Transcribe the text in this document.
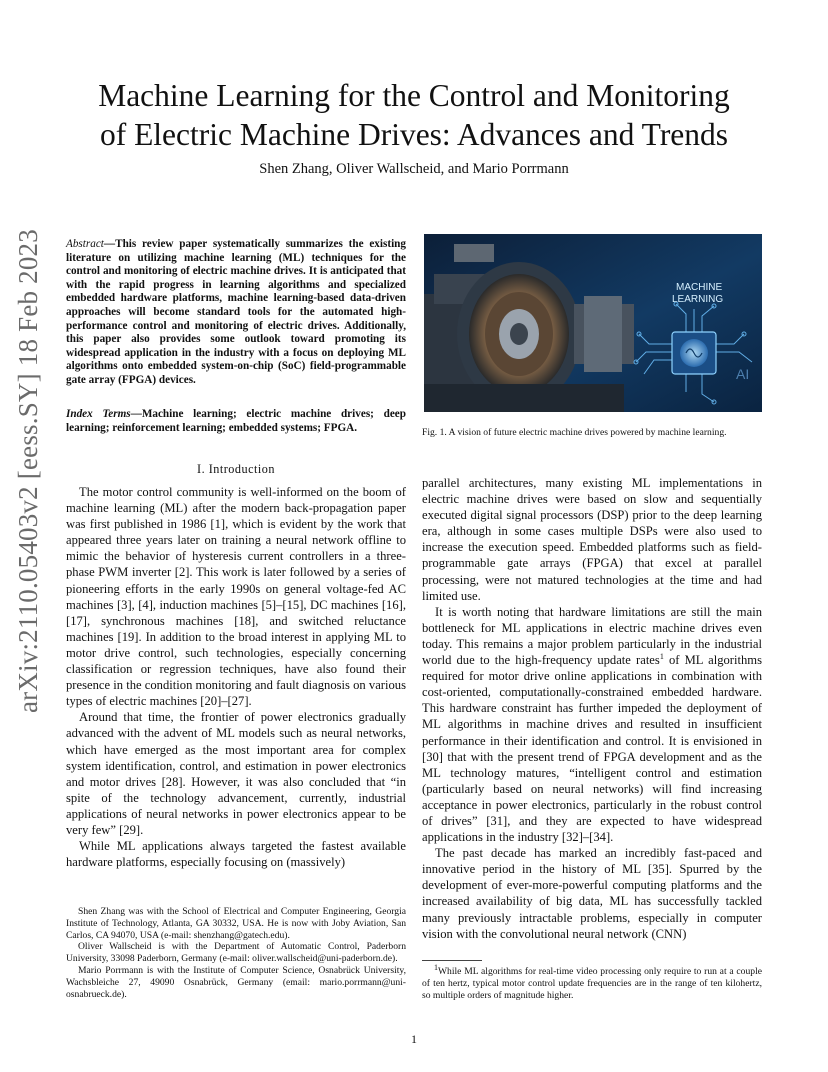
arXiv:2110.05403v2 [eess.SY] 18 Feb 2023
Machine Learning for the Control and Monitoring
of Electric Machine Drives: Advances and Trends
Shen Zhang, Oliver Wallscheid, and Mario Porrmann
Abstract—This review paper systematically summarizes the existing literature on utilizing machine learning (ML) techniques for the control and monitoring of electric machine drives. It is anticipated that with the rapid progress in learning algorithms and specialized embedded hardware platforms, machine learning-based data-driven approaches will become standard tools for the automated high-performance control and monitoring of electric drives. Additionally, this paper also provides some outlook toward promoting its widespread application in the industry with a focus on deploying ML algorithms onto embedded system-on-chip (SoC) field-programmable gate array (FPGA) devices.
Index Terms—Machine learning; electric machine drives; deep learning; reinforcement learning; embedded systems; FPGA.
MACHINE
LEARNING
AI
Fig. 1. A vision of future electric machine drives powered by machine learning.
I. Introduction

The motor control community is well-informed on the boom of machine learning (ML) after the modern back-propagation paper was first published in 1986 [1], which is evident by the work that appeared three years later on training a neural network offline to mimic the behavior of hysteresis current controllers in a three-phase PWM inverter [2]. This work is later followed by a series of pioneering efforts in the early 1990s on general voltage-fed AC machines [3], [4], induction machines [5]–[15], DC machines [16], [17], synchronous machines [18], and switched reluctance machines [19]. In addition to the broad interest in applying ML to motor drive control, such technologies, especially concerning classification or regression techniques, have also found their presence in the condition monitoring and fault diagnosis on various types of electric machines [20]–[27].

Around that time, the frontier of power electronics gradually advanced with the advent of ML models such as neural networks, which have emerged as the most important area for complex system identification, control, and estimation in power electronics and motor drives [28]. However, it was also concluded that “in spite of the technology advancement, currently, industrial applications of neural networks in power electronics appear to be very few” [29].

While ML applications always targeted the fastest available hardware platforms, especially focusing on (massively)

Shen Zhang was with the School of Electrical and Computer Engineering, Georgia Institute of Technology, Atlanta, GA 30332, USA. He is now with Joby Aviation, San Carlos, CA 94070, USA (e-mail: shenzhang@gatech.edu).

Oliver Wallscheid is with the Department of Automatic Control, Paderborn University, 33098 Paderborn, Germany (e-mail: oliver.wallscheid@uni-paderborn.de).

Mario Porrmann is with the Institute of Computer Science, Osnabrück University, Wachsbleiche 27, 49090 Osnabrück, Germany (email: mario.porrmann@uni-osnabrueck.de).

parallel architectures, many existing ML implementations in electric machine drives were based on slow and sequentially executed digital signal processors (DSP) prior to the deep learning era, although in some cases multiple DSPs were also used to increase the execution speed. Embedded platforms such as field-programmable gate arrays (FPGA) that excel at parallel processing, were not matured technologies at the time and had limited use.

It is worth noting that hardware limitations are still the main bottleneck for ML applications in electric machine drives even today. This remains a major problem particularly in the industrial world due to the high-frequency update rates$^1$ of ML algorithms required for motor drive online applications in combination with cost-oriented, computationally-constrained embedded hardware. This hardware constraint has further impeded the deployment of ML algorithms in machine drives and resulted in insufficient performance in their identification and control. It is envisioned in [30] that with the present trend of FPGA development and as the ML technology matures, “intelligent control and estimation (particularly based on neural networks) will find increasing acceptance in power electronics, particularly in the robust control of drives” [31], and they are expected to have widespread applications in the industry [32]–[34].

The past decade has marked an incredibly fast-paced and innovative period in the history of ML [35]. Spurred by the development of ever-more-powerful computing platforms and the increased availability of big data, ML has successfully tackled many previously intractable problems, especially in computer vision with the convolutional neural network (CNN)

$^1$While ML algorithms for real-time video processing only require to run at a couple of ten hertz, typical motor control update frequencies are in the range of ten kilohertz, so multiple orders of magnitude higher.

1
